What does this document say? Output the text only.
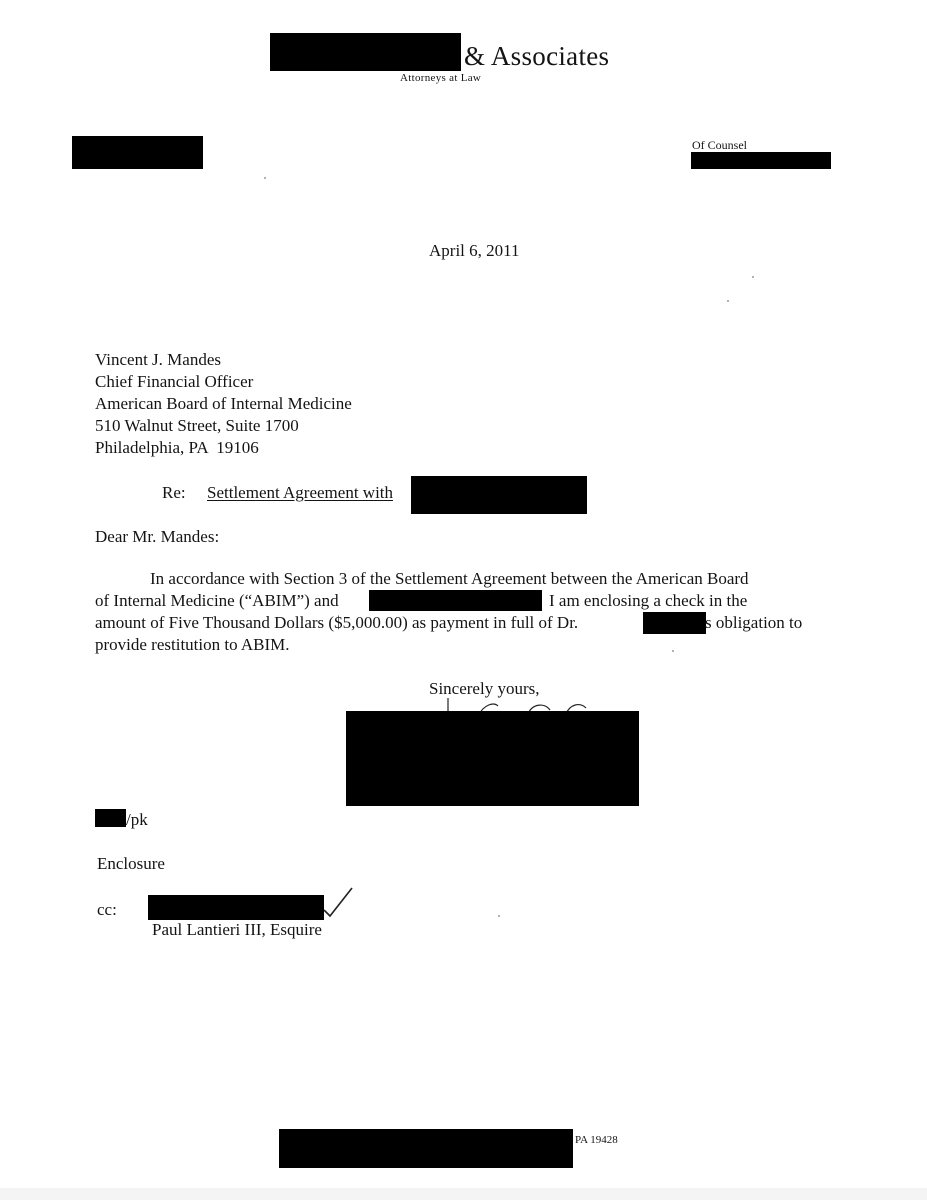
& Associates
Attorneys at Law
Of Counsel
April 6, 2011
Vincent J. Mandes
Chief Financial Officer
American Board of Internal Medicine
510 Walnut Street, Suite 1700
Philadelphia, PA  19106
Re: Settlement Agreement with
Dear Mr. Mandes:
In accordance with Section 3 of the Settlement Agreement between the American Board
of Internal Medicine (“ABIM”) and	I am enclosing a check in the
amount of Five Thousand Dollars ($5,000.00) as payment in full of Dr.	s obligation to
provide restitution to ABIM.
Sincerely yours,
/pk
Enclosure
cc:
Paul Lantieri III, Esquire
PA 19428
